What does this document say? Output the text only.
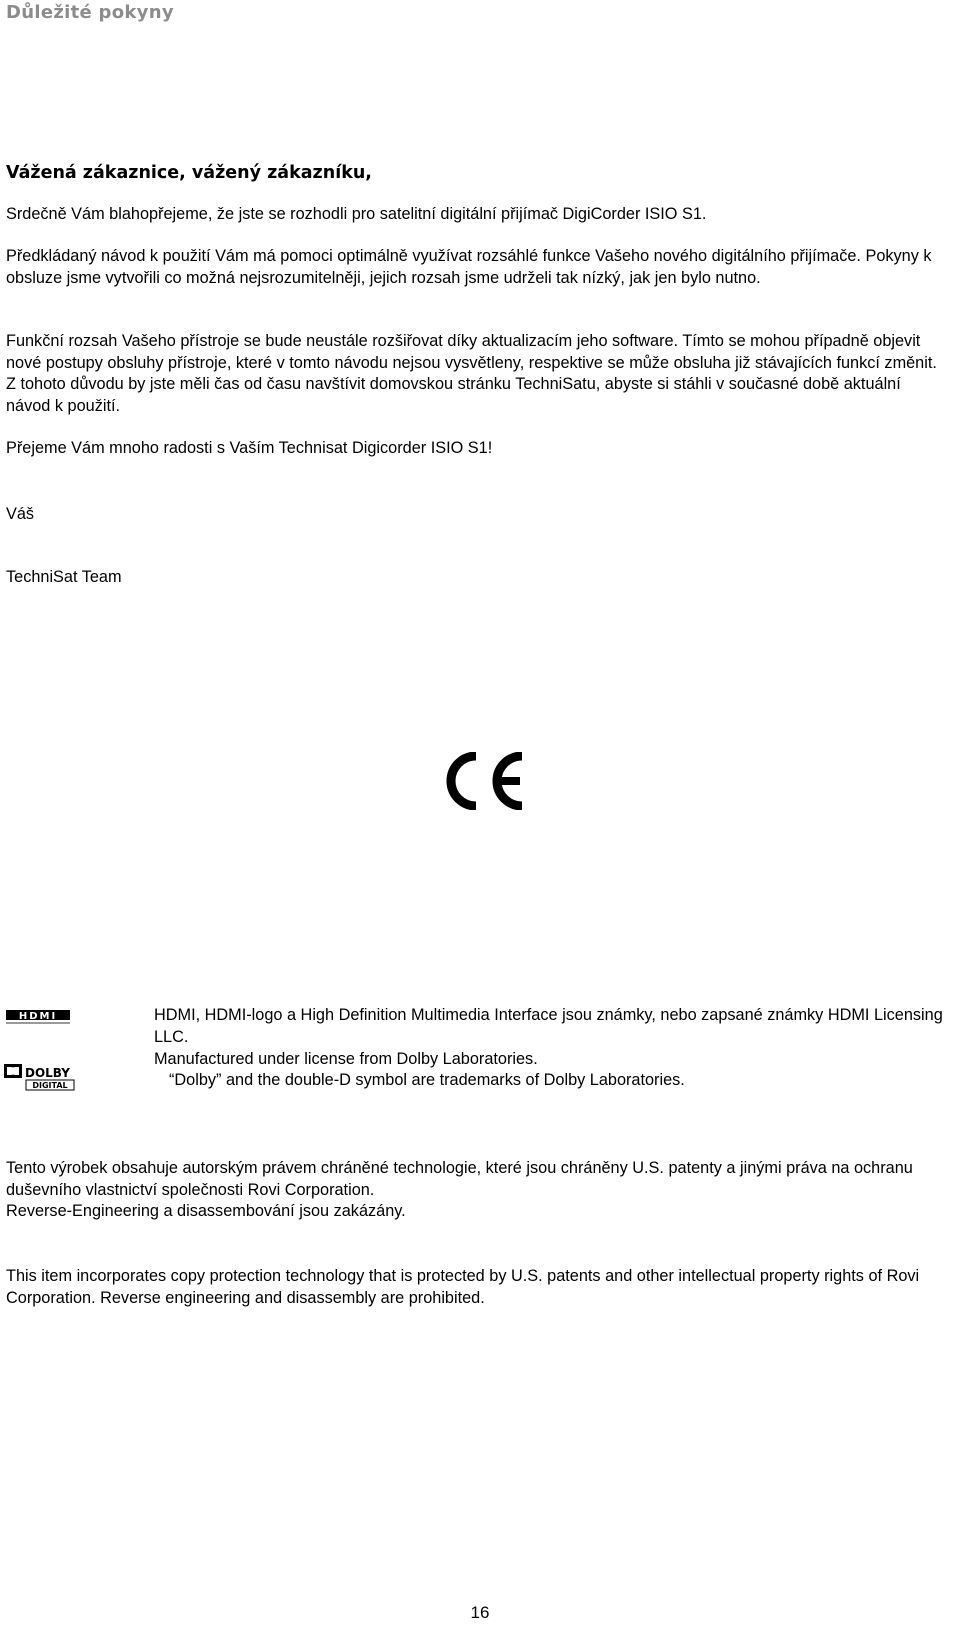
Důležité pokyny
Vážená zákaznice, vážený zákazníku,
Srdečně Vám blahopřejeme, že jste se rozhodli pro satelitní digitální přijímač DigiCorder ISIO S1.
Předkládaný návod k použití Vám má pomoci optimálně využívat rozsáhlé funkce Vašeho nového digitálního přijímače. Pokyny k obsluze jsme vytvořili co možná nejsrozumitelněji, jejich rozsah jsme udrželi tak nízký, jak jen bylo nutno.
Funkční rozsah Vašeho přístroje se bude neustále rozšiřovat díky aktualizacím jeho software. Tímto se mohou případně objevit nové postupy obsluhy přístroje, které v tomto návodu nejsou vysvětleny, respektive se může obsluha již stávajících funkcí změnit. Z tohoto důvodu by jste měli čas od času navštívit domovskou stránku TechniSatu, abyste si stáhli v současné době aktuální návod k použití.
Přejeme Vám mnoho radosti s Vaším Technisat Digicorder ISIO S1!
Váš
TechniSat Team
HDMI
DOLBY
DIGITAL
HDMI, HDMI-logo a High Definition Multimedia Interface jsou známky, nebo zapsané známky HDMI Licensing LLC.
Manufactured under license from Dolby Laboratories.
“Dolby” and the double-D symbol are trademarks of Dolby Laboratories.
Tento výrobek obsahuje autorským právem chráněné technologie, které jsou chráněny U.S. patenty a jinými práva na ochranu duševního vlastnictví společnosti Rovi Corporation.
Reverse-Engineering a disassembování jsou zakázány.
This item incorporates copy protection technology that is protected by U.S. patents and other intellectual property rights of Rovi Corporation. Reverse engineering and disassembly are prohibited.
16
